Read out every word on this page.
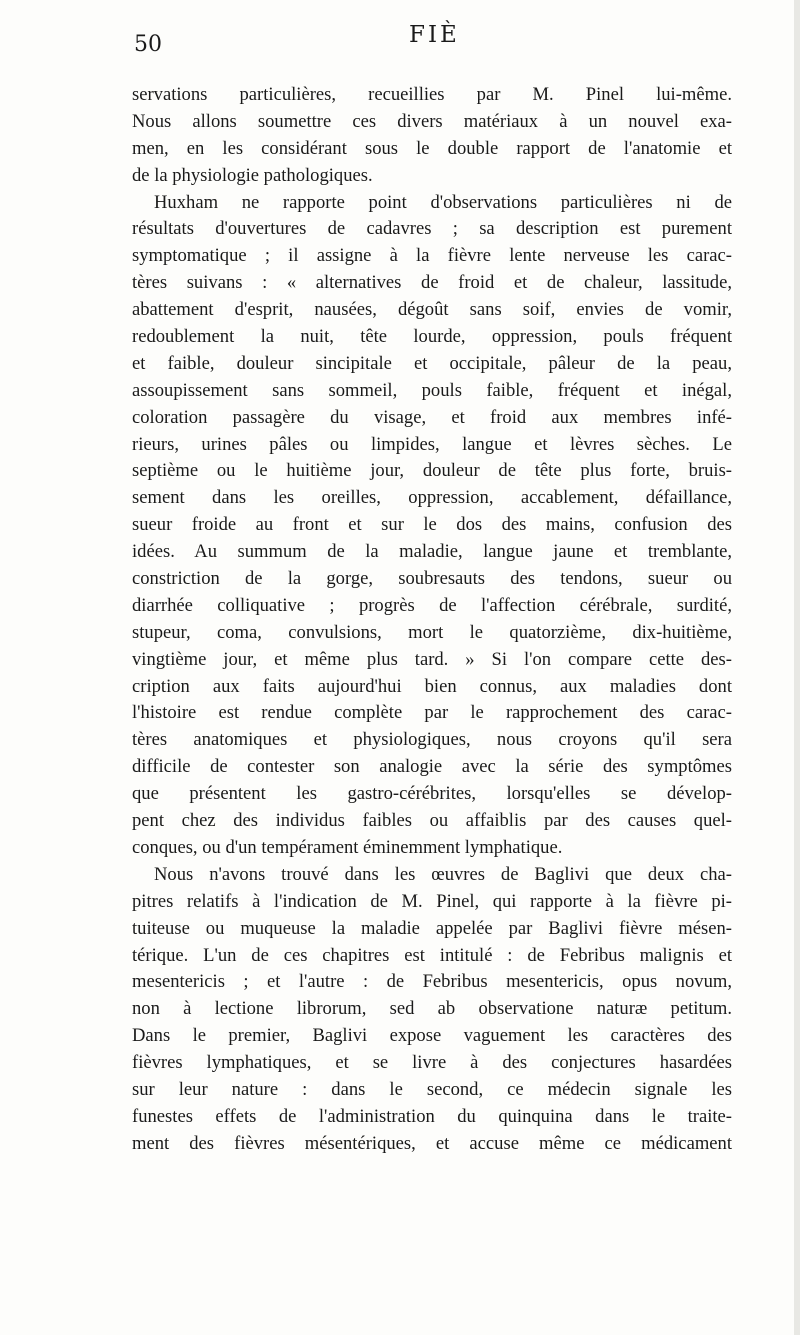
50	FIÈ
servations particulières, recueillies par M. Pinel lui-même.
Nous allons soumettre ces divers matériaux à un nouvel exa-
men, en les considérant sous le double rapport de l'anatomie et
de la physiologie pathologiques.
Huxham ne rapporte point d'observations particulières ni de
résultats d'ouvertures de cadavres ; sa description est purement
symptomatique ; il assigne à la fièvre lente nerveuse les carac-
tères suivans : « alternatives de froid et de chaleur, lassitude,
abattement d'esprit, nausées, dégoût sans soif, envies de vomir,
redoublement la nuit, tête lourde, oppression, pouls fréquent
et faible, douleur sincipitale et occipitale, pâleur de la peau,
assoupissement sans sommeil, pouls faible, fréquent et inégal,
coloration passagère du visage, et froid aux membres infé-
rieurs, urines pâles ou limpides, langue et lèvres sèches. Le
septième ou le huitième jour, douleur de tête plus forte, bruis-
sement dans les oreilles, oppression, accablement, défaillance,
sueur froide au front et sur le dos des mains, confusion des
idées. Au summum de la maladie, langue jaune et tremblante,
constriction de la gorge, soubresauts des tendons, sueur ou
diarrhée colliquative ; progrès de l'affection cérébrale, surdité,
stupeur, coma, convulsions, mort le quatorzième, dix-huitième,
vingtième jour, et même plus tard. » Si l'on compare cette des-
cription aux faits aujourd'hui bien connus, aux maladies dont
l'histoire est rendue complète par le rapprochement des carac-
tères anatomiques et physiologiques, nous croyons qu'il sera
difficile de contester son analogie avec la série des symptômes
que présentent les gastro-cérébrites, lorsqu'elles se dévelop-
pent chez des individus faibles ou affaiblis par des causes quel-
conques, ou d'un tempérament éminemment lymphatique.
Nous n'avons trouvé dans les œuvres de Baglivi que deux cha-
pitres relatifs à l'indication de M. Pinel, qui rapporte à la fièvre pi-
tuiteuse ou muqueuse la maladie appelée par Baglivi fièvre mésen-
térique. L'un de ces chapitres est intitulé : de Febribus malignis et
mesentericis ; et l'autre : de Febribus mesentericis, opus novum,
non à lectione librorum, sed ab observatione naturæ petitum.
Dans le premier, Baglivi expose vaguement les caractères des
fièvres lymphatiques, et se livre à des conjectures hasardées
sur leur nature : dans le second, ce médecin signale les
funestes effets de l'administration du quinquina dans le traite-
ment des fièvres mésentériques, et accuse même ce médicament
